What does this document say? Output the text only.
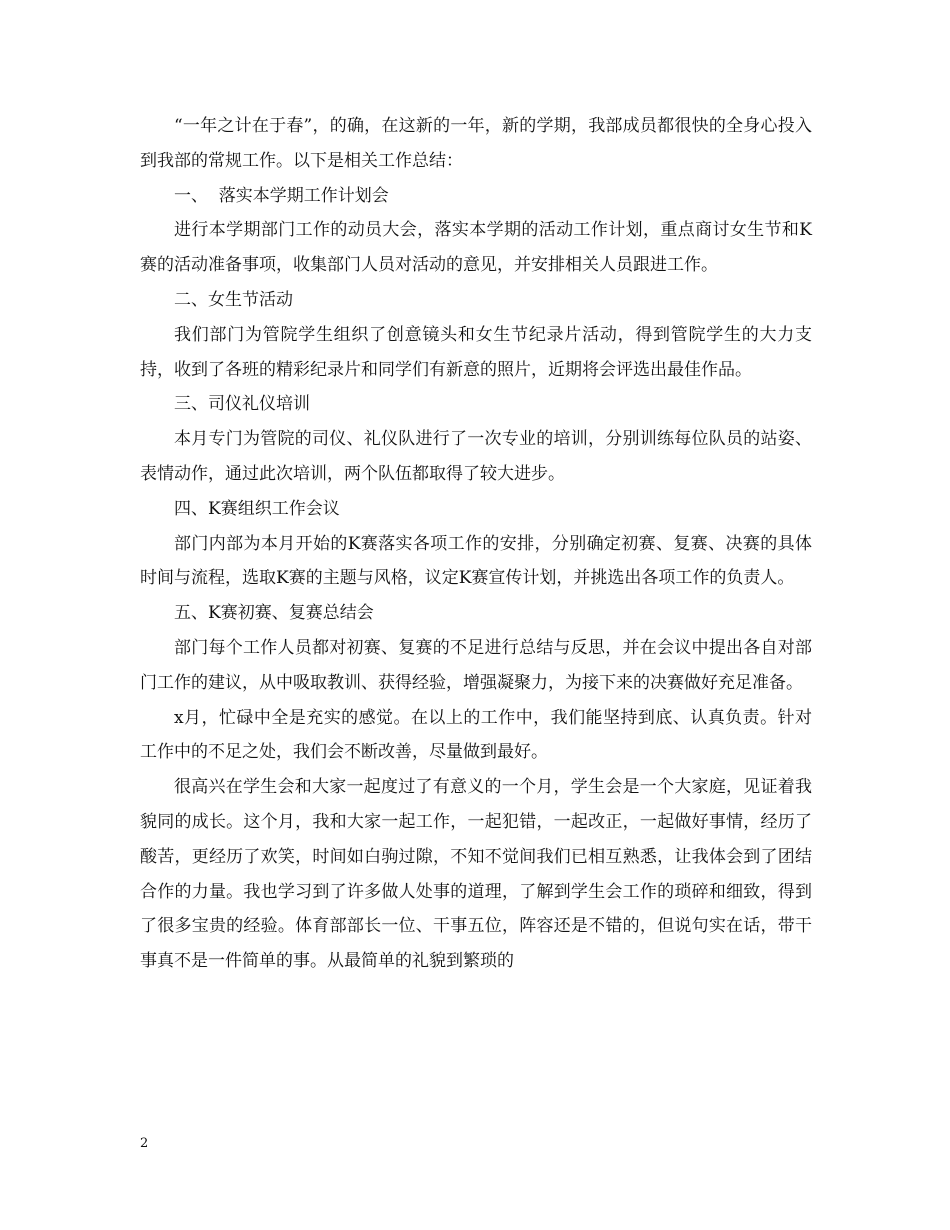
“一年之计在于春”，的确，在这新的一年，新的学期，我部成员都很快的全身心投入到我部的常规工作。以下是相关工作总结：

一、  落实本学期工作计划会

进行本学期部门工作的动员大会，落实本学期的活动工作计划，重点商讨女生节和K赛的活动准备事项，收集部门人员对活动的意见，并安排相关人员跟进工作。

二、女生节活动

我们部门为管院学生组织了创意镜头和女生节纪录片活动，得到管院学生的大力支持，收到了各班的精彩纪录片和同学们有新意的照片，近期将会评选出最佳作品。

三、司仪礼仪培训

本月专门为管院的司仪、礼仪队进行了一次专业的培训，分别训练每位队员的站姿、表情动作，通过此次培训，两个队伍都取得了较大进步。

四、K赛组织工作会议

部门内部为本月开始的K赛落实各项工作的安排，分别确定初赛、复赛、决赛的具体时间与流程，选取K赛的主题与风格，议定K赛宣传计划，并挑选出各项工作的负责人。

五、K赛初赛、复赛总结会

部门每个工作人员都对初赛、复赛的不足进行总结与反思，并在会议中提出各自对部门工作的建议，从中吸取教训、获得经验，增强凝聚力，为接下来的决赛做好充足准备。

x月，忙碌中全是充实的感觉。在以上的工作中，我们能坚持到底、认真负责。针对工作中的不足之处，我们会不断改善，尽量做到最好。

很高兴在学生会和大家一起度过了有意义的一个月，学生会是一个大家庭，见证着我貌同的成长。这个月，我和大家一起工作，一起犯错，一起改正，一起做好事情，经历了酸苦，更经历了欢笑，时间如白驹过隙，不知不觉间我们已相互熟悉，让我体会到了团结合作的力量。我也学习到了许多做人处事的道理，了解到学生会工作的琐碎和细致，得到了很多宝贵的经验。体育部部长一位、干事五位，阵容还是不错的，但说句实在话，带干事真不是一件简单的事。从最简单的礼貌到繁琐的

2
